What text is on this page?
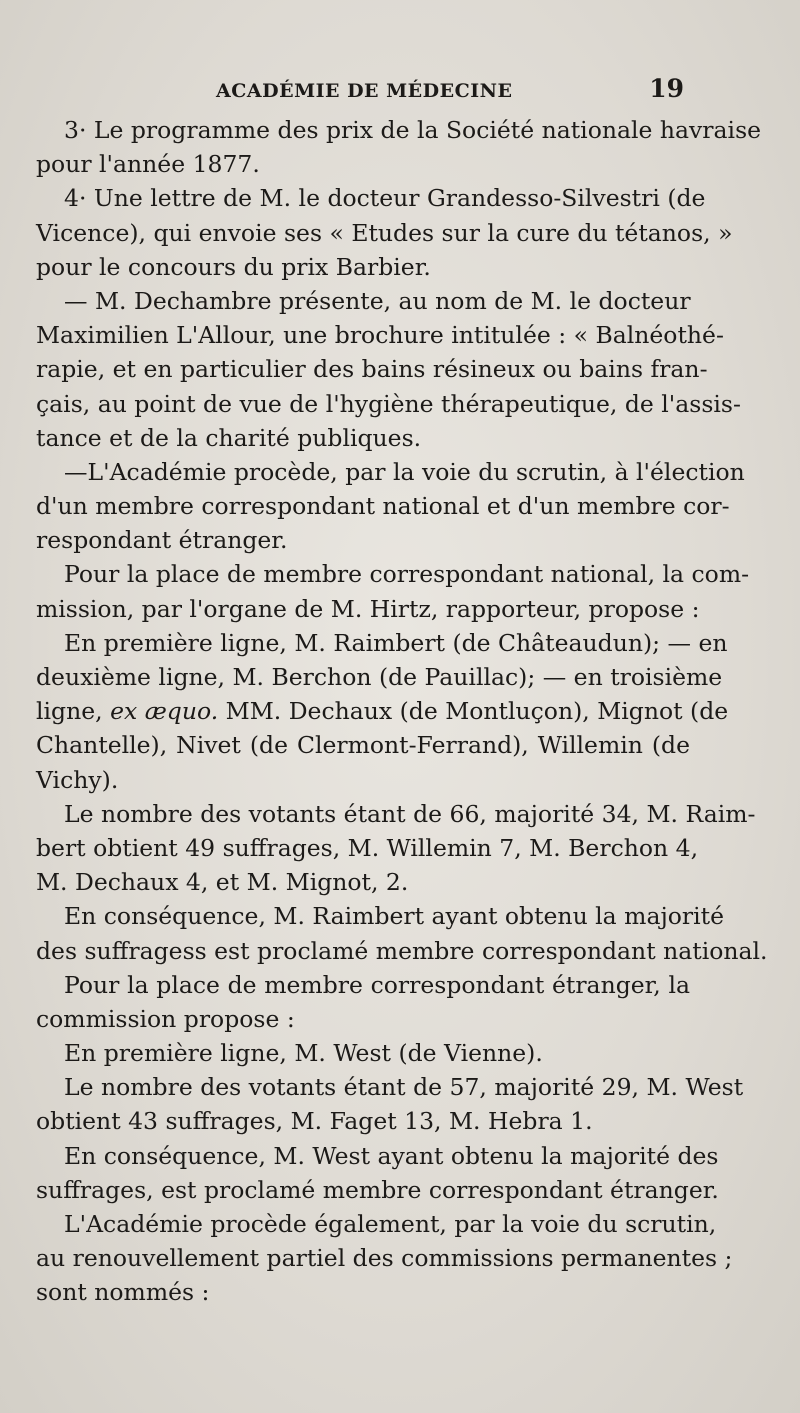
ACADÉMIE DE MÉDECINE	19
3· Le programme des prix de la Société nationale havraise
pour l'année 1877.
4· Une lettre de M. le docteur Grandesso-Silvestri (de
Vicence), qui envoie ses « Etudes sur la cure du tétanos, »
pour le concours du prix Barbier.
— M. Dechambre présente, au nom de M. le docteur
Maximilien L'Allour, une brochure intitulée : « Balnéothé-
rapie, et en particulier des bains résineux ou bains fran-
çais, au point de vue de l'hygiène thérapeutique, de l'assis-
tance et de la charité publiques.
—L'Académie procède, par la voie du scrutin, à l'élection
d'un membre correspondant national et d'un membre cor-
respondant étranger.
Pour la place de membre correspondant national, la com-
mission, par l'organe de M. Hirtz, rapporteur, propose :
En première ligne, M. Raimbert (de Châteaudun); — en
deuxième ligne, M. Berchon (de Pauillac); — en troisième
ligne, ex æquo. MM. Dechaux (de Montluçon), Mignot (de
Chantelle), Nivet (de Clermont-Ferrand), Willemin (de
Vichy).
Le nombre des votants étant de 66, majorité 34, M. Raim-
bert obtient 49 suffrages, M. Willemin 7, M. Berchon 4,
M. Dechaux 4, et M. Mignot, 2.
En conséquence, M. Raimbert ayant obtenu la majorité
des suffragess est proclamé membre correspondant national.
Pour la place de membre correspondant étranger, la
commission propose :
En première ligne, M. West (de Vienne).
Le nombre des votants étant de 57, majorité 29, M. West
obtient 43 suffrages, M. Faget 13, M. Hebra 1.
En conséquence, M. West ayant obtenu la majorité des
suffrages, est proclamé membre correspondant étranger.
L'Académie procède également, par la voie du scrutin,
au renouvellement partiel des commissions permanentes ;
sont nommés :
